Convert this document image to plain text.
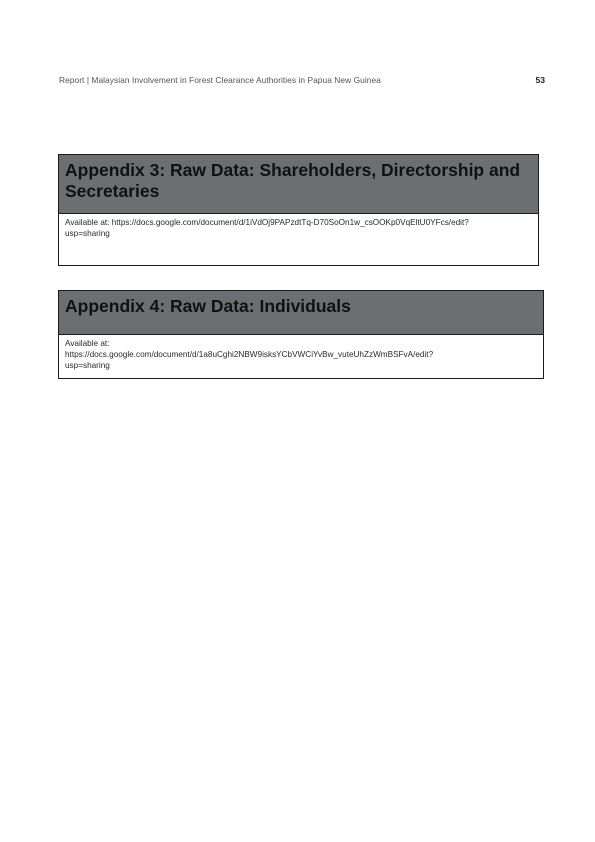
Report | Malaysian Involvement in Forest Clearance Authorities in Papua New Guinea	53
Appendix 3: Raw Data: Shareholders, Directorship and Secretaries
Available at: https://docs.google.com/document/d/1iVdOj9PAPzdtTq-D70SoOn1w_csOOKp0VqEltU0YFcs/edit?
usp=sharing
Appendix 4: Raw Data: Individuals
Available at:
https://docs.google.com/document/d/1a8uCghi2NBW9isksYCbVWCiYvBw_vuteUhZzWmBSFvA/edit?
usp=sharing
